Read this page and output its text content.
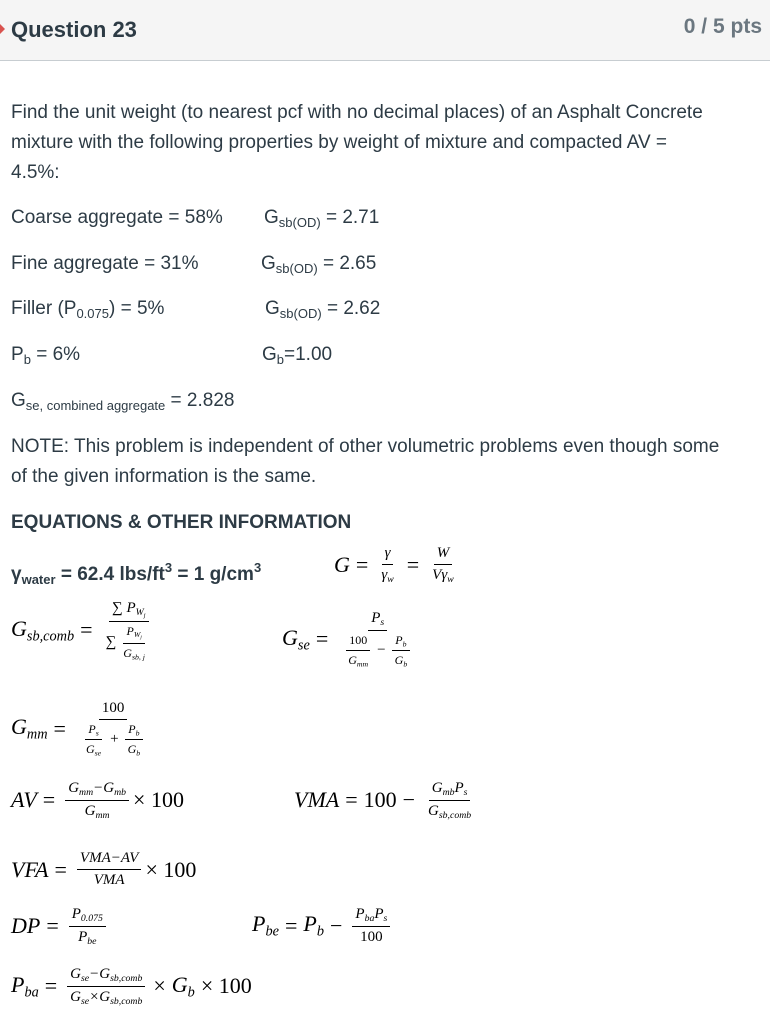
Question 23	0 / 5 pts
Find the unit weight (to nearest pcf with no decimal places) of an Asphalt Concrete
mixture with the following properties by weight of mixture and compacted AV =
4.5%:
Coarse aggregate = 58% $G_{sb(OD)} = 2.71$
Fine aggregate = 31%	$G_{sb(OD)} = 2.65$
Filler $(P_{0.075}) = 5\%$	$G_{sb(OD)} = 2.62$
$P_b = 6\%$	$G_b=1.00$
$G_{se, combined aggregate} = 2.828$
NOTE: This problem is independent of other volumetric problems even though some
of the given information is the same.
EQUATIONS & OTHER INFORMATION
$\gamma_{water} = 62.4$ lbs/$ft^3 = 1$ $g/cm^3$	$G = \frac{\gamma}{\gamma_w} = \frac{W}{V\gamma_w}$
$G_{sb,comb} = \frac{\sum P_{W_j}}{\sum \frac{P_{W_j}}{G_{sb, j}}}$	$G_{se} = \frac{P_s}{\frac{100}{G_{mm}} - \frac{P_b}{G_b}}$
$G_{mm} = \frac{100}{\frac{P_s}{G_{se}} + \frac{P_b}{G_b}}$
AV = $\frac{G_{mm}-G_{mb}}{G_{mm}} \times 100$	VMA = $100 - \frac{G_{mb}P_s}{G_{sb,comb}}$
VFA = $\frac{\text{VMA−AV}}{\text{VMA}} \times 100$
DP = $\frac{P_{0.075}}{P_{be}}$	$P_{be} = P_b - \frac{P_{ba}P_s}{100}$
$P_{ba} = \frac{G_{se}-G_{sb,comb}}{G_{se}\times G_{sb,comb}} \times G_b \times 100$
